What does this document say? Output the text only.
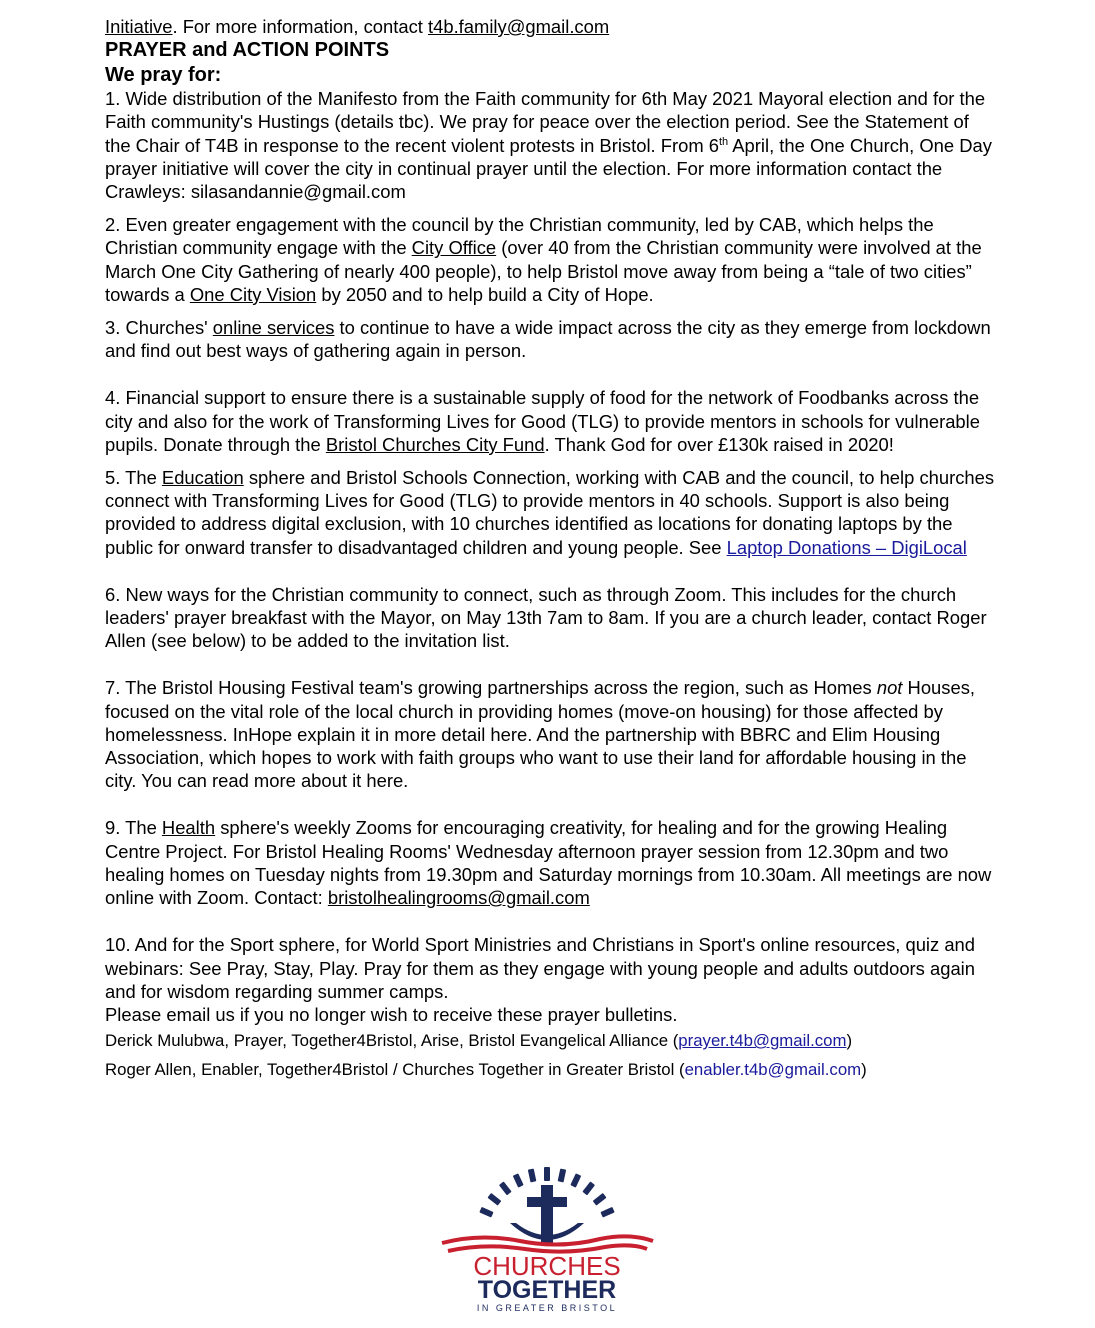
Initiative. For more information, contact t4b.family@gmail.com

PRAYER and ACTION POINTS
We pray for:

1. Wide distribution of the Manifesto from the Faith community for 6th May 2021 Mayoral election and for the Faith community's Hustings (details tbc). We pray for peace over the election period. See the Statement of the Chair of T4B in response to the recent violent protests in Bristol. From 6th April, the One Church, One Day prayer initiative will cover the city in continual prayer until the election. For more information contact the Crawleys: silasandannie@gmail.com

2. Even greater engagement with the council by the Christian community, led by CAB, which helps the Christian community engage with the City Office (over 40 from the Christian community were involved at the March One City Gathering of nearly 400 people), to help Bristol move away from being a “tale of two cities” towards a One City Vision by 2050 and to help build a City of Hope.

3. Churches' online services to continue to have a wide impact across the city as they emerge from lockdown and find out best ways of gathering again in person.

4. Financial support to ensure there is a sustainable supply of food for the network of Foodbanks across the city and also for the work of Transforming Lives for Good (TLG) to provide mentors in schools for vulnerable pupils. Donate through the Bristol Churches City Fund. Thank God for over £130k raised in 2020!

5. The Education sphere and Bristol Schools Connection, working with CAB and the council, to help churches connect with Transforming Lives for Good (TLG) to provide mentors in 40 schools. Support is also being provided to address digital exclusion, with 10 churches identified as locations for donating laptops by the public for onward transfer to disadvantaged children and young people. See Laptop Donations – DigiLocal

6. New ways for the Christian community to connect, such as through Zoom. This includes for the church leaders' prayer breakfast with the Mayor, on May 13th 7am to 8am. If you are a church leader, contact Roger Allen (see below) to be added to the invitation list.

7. The Bristol Housing Festival team's growing partnerships across the region, such as Homes not Houses, focused on the vital role of the local church in providing homes (move-on housing) for those affected by homelessness. InHope explain it in more detail here. And the partnership with BBRC and Elim Housing Association, which hopes to work with faith groups who want to use their land for affordable housing in the city. You can read more about it here.

9. The Health sphere's weekly Zooms for encouraging creativity, for healing and for the growing Healing Centre Project. For Bristol Healing Rooms' Wednesday afternoon prayer session from 12.30pm and two healing homes on Tuesday nights from 19.30pm and Saturday mornings from 10.30am. All meetings are now online with Zoom. Contact: bristolhealingrooms@gmail.com

10. And for the Sport sphere, for World Sport Ministries and Christians in Sport's online resources, quiz and webinars: See Pray, Stay, Play. Pray for them as they engage with young people and adults outdoors again and for wisdom regarding summer camps.

Please email us if you no longer wish to receive these prayer bulletins.

Derick Mulubwa, Prayer, Together4Bristol, Arise, Bristol Evangelical Alliance (prayer.t4b@gmail.com)
Roger Allen, Enabler, Together4Bristol / Churches Together in Greater Bristol (enabler.t4b@gmail.com)
CHURCHES
TOGETHER
IN GREATER BRISTOL
